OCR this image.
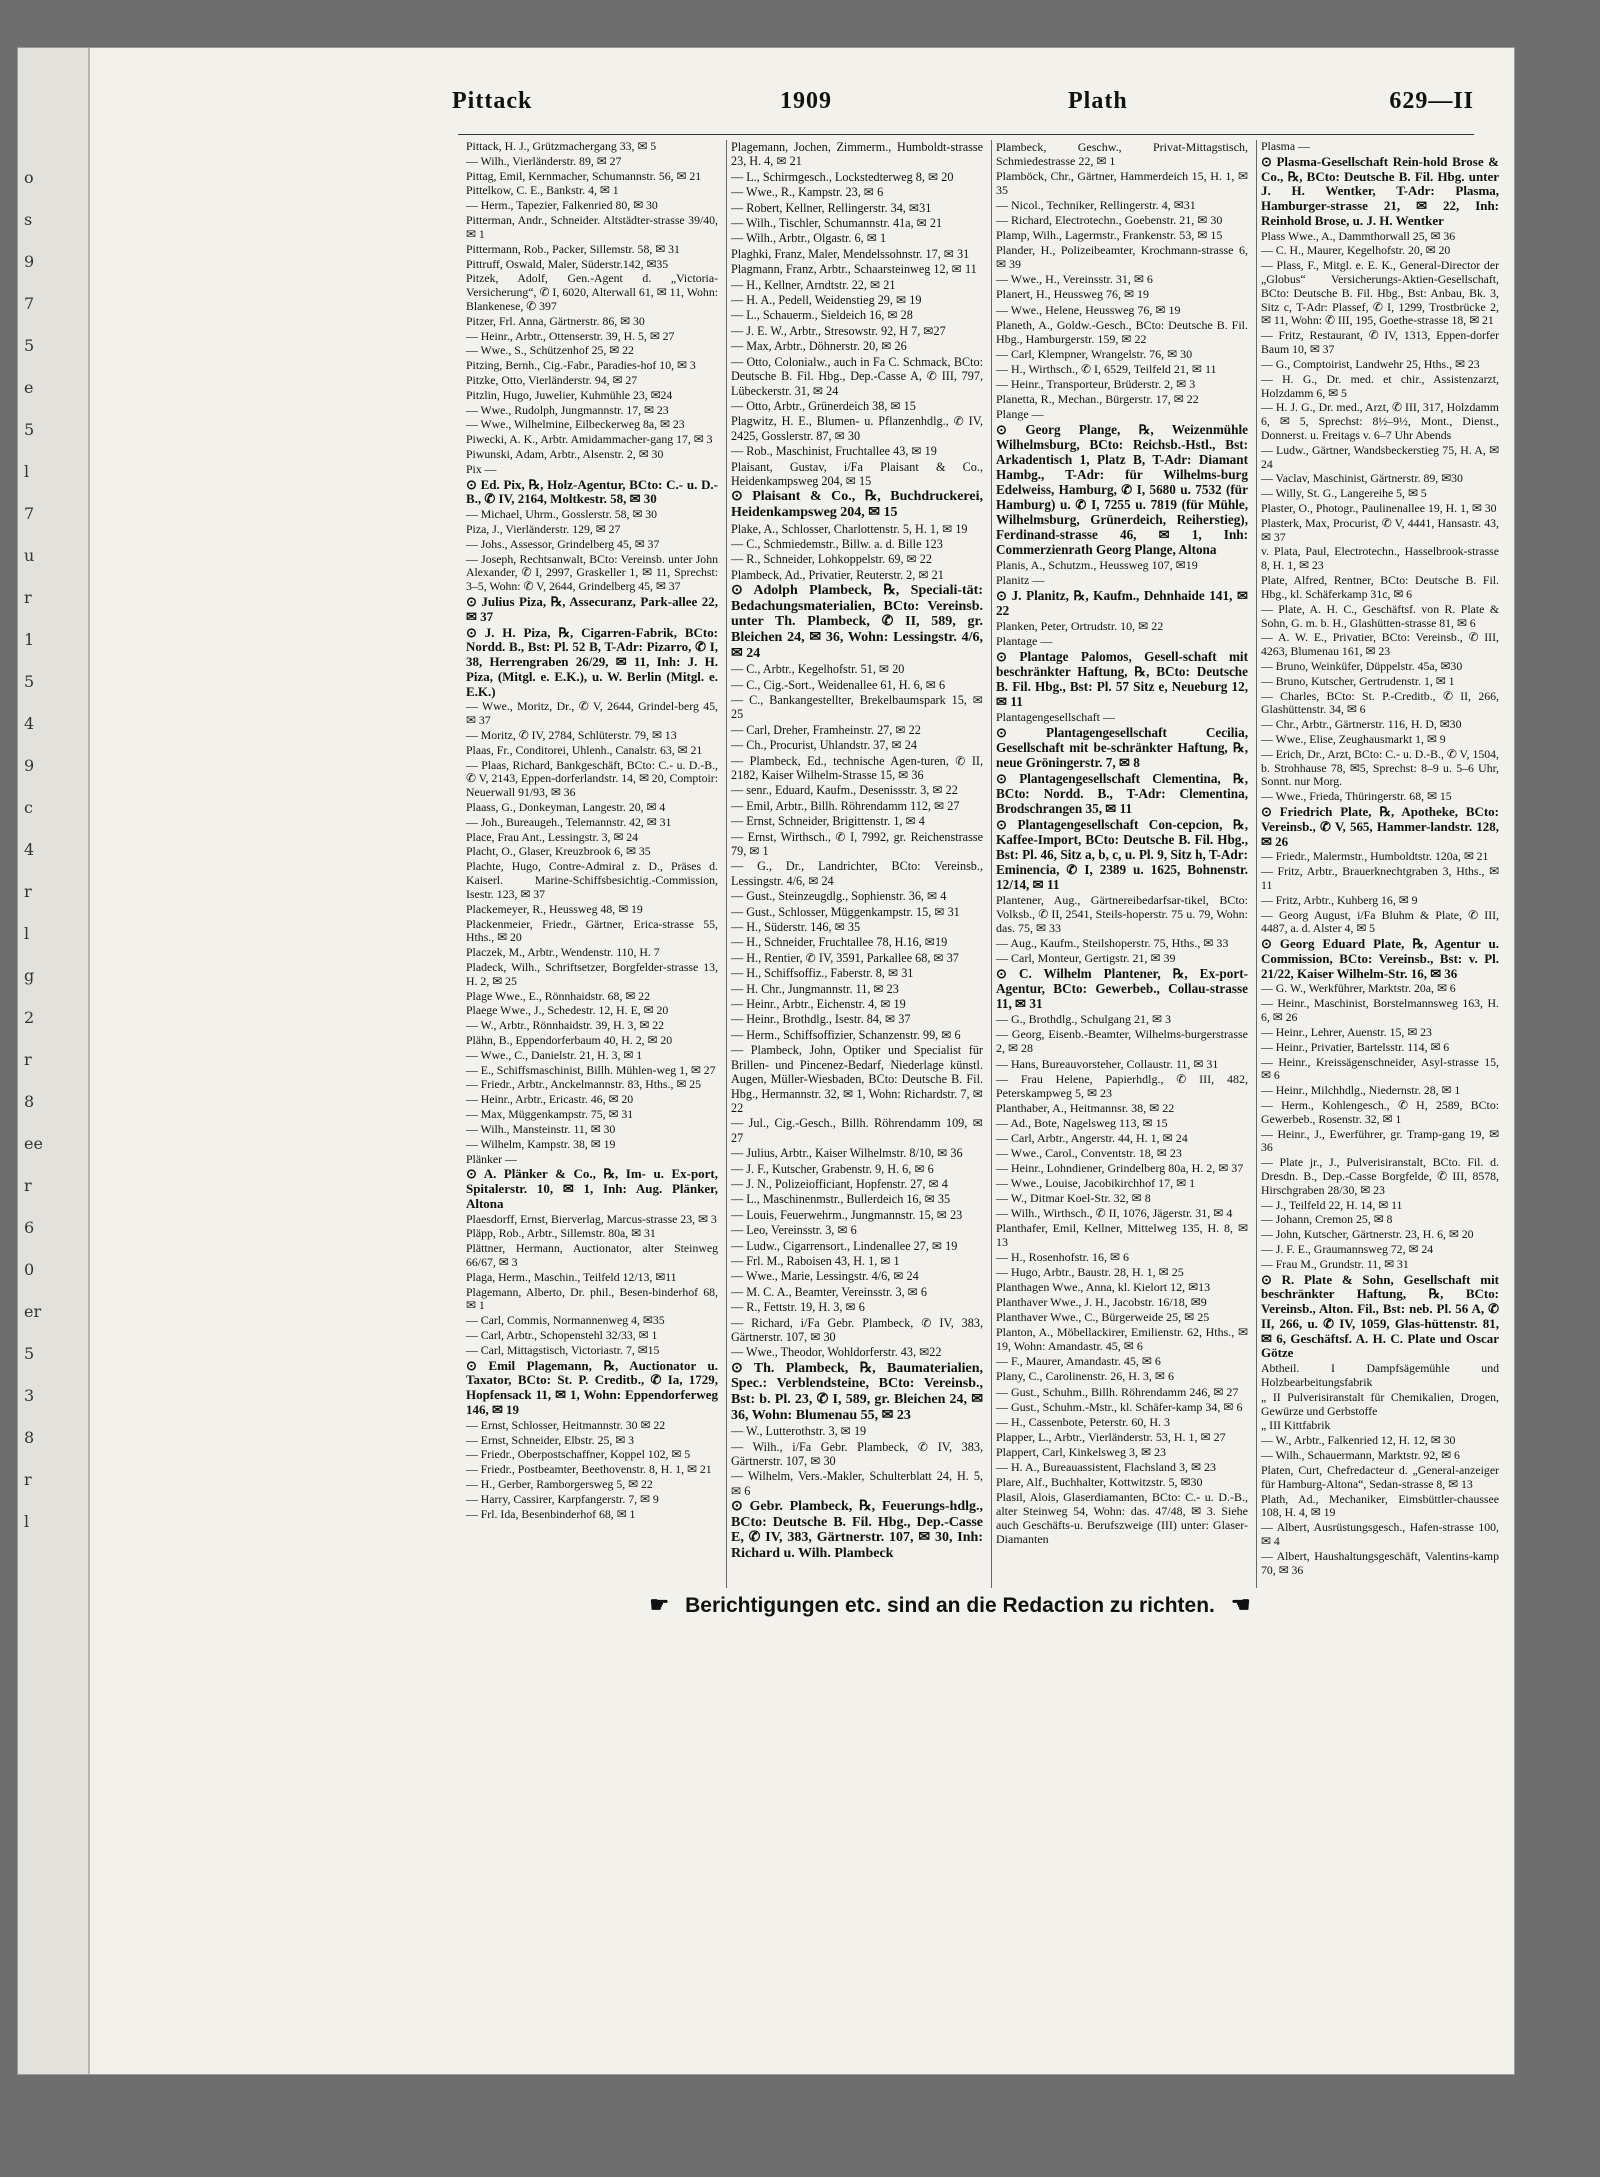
o
s
9
7
5
e
5
l
7
u
r
1
5
4
9
c
4
r
l
g
2
r
8
ee
r
6
0
er
5
3
8
r
l
Pittack	1909	Plath	629—II
Pittack, H. J., Grützmachergang 33, ✉ 5
— Wilh., Vierländerstr. 89, ✉ 27
Pittag, Emil, Kernmacher, Schumannstr. 56, ✉ 21
Pittelkow, C. E., Bankstr. 4, ✉ 1
— Herm., Tapezier, Falkenried 80, ✉ 30
Pitterman, Andr., Schneider. Altstädter-strasse 39/40, ✉ 1
Pittermann, Rob., Packer, Sillemstr. 58, ✉ 31
Pittruff, Oswald, Maler, Süderstr.142, ✉35
Pitzek, Adolf, Gen.-Agent d. „Victoria-Versicherung“, ✆ I, 6020, Alterwall 61, ✉ 11, Wohn: Blankenese, ✆ 397
Pitzer, Frl. Anna, Gärtnerstr. 86, ✉ 30
— Heinr., Arbtr., Ottenserstr. 39, H. 5, ✉ 27
— Wwe., S., Schützenhof 25, ✉ 22
Pitzing, Bernh., Cig.-Fabr., Paradies-hof 10, ✉ 3
Pitzke, Otto, Vierländerstr. 94, ✉ 27
Pitzlin, Hugo, Juwelier, Kuhmühle 23, ✉24
— Wwe., Rudolph, Jungmannstr. 17, ✉ 23
— Wwe., Wilhelmine, Eilbeckerweg 8a, ✉ 23
Piwecki, A. K., Arbtr. Amidammacher-gang 17, ✉ 3
Piwunski, Adam, Arbtr., Alsenstr. 2, ✉ 30
Pix —
⊙ Ed. Pix, ℞, Holz-Agentur, BCto: C.- u. D.-B., ✆ IV, 2164, Moltkestr. 58, ✉ 30
— Michael, Uhrm., Gosslerstr. 58, ✉ 30
Piza, J., Vierländerstr. 129, ✉ 27
— Johs., Assessor, Grindelberg 45, ✉ 37
— Joseph, Rechtsanwalt, BCto: Vereinsb. unter John Alexander, ✆ I, 2997, Graskeller 1, ✉ 11, Sprechst: 3–5, Wohn: ✆ V, 2644, Grindelberg 45, ✉ 37
⊙ Julius Piza, ℞, Assecuranz, Park-allee 22, ✉ 37
⊙ J. H. Piza, ℞, Cigarren-Fabrik, BCto: Nordd. B., Bst: Pl. 52 B, T-Adr: Pizarro, ✆ I, 38, Herrengraben 26/29, ✉ 11, Inh: J. H. Piza, (Mitgl. e. E.K.), u. W. Berlin (Mitgl. e. E.K.)
— Wwe., Moritz, Dr., ✆ V, 2644, Grindel-berg 45, ✉ 37
— Moritz, ✆ IV, 2784, Schlüterstr. 79, ✉ 13
Plaas, Fr., Conditorei, Uhlenh., Canalstr. 63, ✉ 21
— Plaas, Richard, Bankgeschäft, BCto: C.- u. D.-B., ✆ V, 2143, Eppen-dorferlandstr. 14, ✉ 20, Comptoir: Neuerwall 91/93, ✉ 36
Plaass, G., Donkeyman, Langestr. 20, ✉ 4
— Joh., Bureaugeh., Telemannstr. 42, ✉ 31
Place, Frau Ant., Lessingstr. 3, ✉ 24
Placht, O., Glaser, Kreuzbrook 6, ✉ 35
Plachte, Hugo, Contre-Admiral z. D., Präses d. Kaiserl. Marine-Schiffsbesichtig.-Commission, Isestr. 123, ✉ 37
Plackemeyer, R., Heussweg 48, ✉ 19
Plackenmeier, Friedr., Gärtner, Erica-strasse 55, Hths., ✉ 20
Placzek, M., Arbtr., Wendenstr. 110, H. 7
Pladeck, Wilh., Schriftsetzer, Borgfelder-strasse 13, H. 2, ✉ 25
Plage Wwe., E., Rönnhaidstr. 68, ✉ 22
Plaege Wwe., J., Schedestr. 12, H. E, ✉ 20
— W., Arbtr., Rönnhaidstr. 39, H. 3, ✉ 22
Plähn, B., Eppendorferbaum 40, H. 2, ✉ 20
— Wwe., C., Danielstr. 21, H. 3, ✉ 1
— E., Schiffsmaschinist, Billh. Mühlen-weg 1, ✉ 27
— Friedr., Arbtr., Anckelmannstr. 83, Hths., ✉ 25
— Heinr., Arbtr., Ericastr. 46, ✉ 20
— Max, Müggenkampstr. 75, ✉ 31
— Wilh., Mansteinstr. 11, ✉ 30
— Wilhelm, Kampstr. 38, ✉ 19
Plänker —
⊙ A. Plänker & Co., ℞, Im- u. Ex-port, Spitalerstr. 10, ✉ 1, Inh: Aug. Plänker, Altona
Plaesdorff, Ernst, Bierverlag, Marcus-strasse 23, ✉ 3
Pläpp, Rob., Arbtr., Sillemstr. 80a, ✉ 31
Plättner, Hermann, Auctionator, alter Steinweg 66/67, ✉ 3
Plaga, Herm., Maschin., Teilfeld 12/13, ✉11
Plagemann, Alberto, Dr. phil., Besen-binderhof 68, ✉ 1
— Carl, Commis, Normannenweg 4, ✉35
— Carl, Arbtr., Schopenstehl 32/33, ✉ 1
— Carl, Mittagstisch, Victoriastr. 7, ✉15
⊙ Emil Plagemann, ℞, Auctionator u. Taxator, BCto: St. P. Creditb., ✆ Ia, 1729, Hopfensack 11, ✉ 1, Wohn: Eppendorferweg 146, ✉ 19
— Ernst, Schlosser, Heitmannstr. 30 ✉ 22
— Ernst, Schneider, Elbstr. 25, ✉ 3
— Friedr., Oberpostschaffner, Koppel 102, ✉ 5
— Friedr., Postbeamter, Beethovenstr. 8, H. 1, ✉ 21
— H., Gerber, Ramborgersweg 5, ✉ 22
— Harry, Cassirer, Karpfangerstr. 7, ✉ 9
— Frl. Ida, Besenbinderhof 68, ✉ 1
Plagemann, Jochen, Zimmerm., Humboldt-strasse 23, H. 4, ✉ 21
— L., Schirmgesch., Lockstedterweg 8, ✉ 20
— Wwe., R., Kampstr. 23, ✉ 6
— Robert, Kellner, Rellingerstr. 34, ✉31
— Wilh., Tischler, Schumannstr. 41a, ✉ 21
— Wilh., Arbtr., Olgastr. 6, ✉ 1
Plaghki, Franz, Maler, Mendelssohnstr. 17, ✉ 31
Plagmann, Franz, Arbtr., Schaarsteinweg 12, ✉ 11
— H., Kellner, Arndtstr. 22, ✉ 21
— H. A., Pedell, Weidenstieg 29, ✉ 19
— L., Schauerm., Sieldeich 16, ✉ 28
— J. E. W., Arbtr., Stresowstr. 92, H 7, ✉27
— Max, Arbtr., Döhnerstr. 20, ✉ 26
— Otto, Colonialw., auch in Fa C. Schmack, BCto: Deutsche B. Fil. Hbg., Dep.-Casse A, ✆ III, 797, Lübeckerstr. 31, ✉ 24
— Otto, Arbtr., Grünerdeich 38, ✉ 15
Plagwitz, H. E., Blumen- u. Pflanzenhdlg., ✆ IV, 2425, Gosslerstr. 87, ✉ 30
— Rob., Maschinist, Fruchtallee 43, ✉ 19
Plaisant, Gustav, i/Fa Plaisant & Co., Heidenkampsweg 204, ✉ 15
⊙ Plaisant & Co., ℞, Buchdruckerei, Heidenkampsweg 204, ✉ 15
Plake, A., Schlosser, Charlottenstr. 5, H. 1, ✉ 19
— C., Schmiedemstr., Billw. a. d. Bille 123
— R., Schneider, Lohkoppelstr. 69, ✉ 22
Plambeck, Ad., Privatier, Reuterstr. 2, ✉ 21
⊙ Adolph Plambeck, ℞, Speciali-tät: Bedachungsmaterialien, BCto: Vereinsb. unter Th. Plambeck, ✆ II, 589, gr. Bleichen 24, ✉ 36, Wohn: Lessingstr. 4/6, ✉ 24
— C., Arbtr., Kegelhofstr. 51, ✉ 20
— C., Cig.-Sort., Weidenallee 61, H. 6, ✉ 6
— C., Bankangestellter, Brekelbaumspark 15, ✉ 25
— Carl, Dreher, Framheinstr. 27, ✉ 22
— Ch., Procurist, Uhlandstr. 37, ✉ 24
— Plambeck, Ed., technische Agen-turen, ✆ II, 2182, Kaiser Wilhelm-Strasse 15, ✉ 36
— senr., Eduard, Kaufm., Desenissstr. 3, ✉ 22
— Emil, Arbtr., Billh. Röhrendamm 112, ✉ 27
— Ernst, Schneider, Brigittenstr. 1, ✉ 4
— Ernst, Wirthsch., ✆ I, 7992, gr. Reichenstrasse 79, ✉ 1
— G., Dr., Landrichter, BCto: Vereinsb., Lessingstr. 4/6, ✉ 24
— Gust., Steinzeugdlg., Sophienstr. 36, ✉ 4
— Gust., Schlosser, Müggenkampstr. 15, ✉ 31
— H., Süderstr. 146, ✉ 35
— H., Schneider, Fruchtallee 78, H.16, ✉19
— H., Rentier, ✆ IV, 3591, Parkallee 68, ✉ 37
— H., Schiffsoffiz., Faberstr. 8, ✉ 31
— H. Chr., Jungmannstr. 11, ✉ 23
— Heinr., Arbtr., Eichenstr. 4, ✉ 19
— Heinr., Brothdlg., Isestr. 84, ✉ 37
— Herm., Schiffsoffizier, Schanzenstr. 99, ✉ 6
— Plambeck, John, Optiker und Specialist für Brillen- und Pincenez-Bedarf, Niederlage künstl. Augen, Müller-Wiesbaden, BCto: Deutsche B. Fil. Hbg., Hermannstr. 32, ✉ 1, Wohn: Richardstr. 7, ✉ 22
— Jul., Cig.-Gesch., Billh. Röhrendamm 109, ✉ 27
— Julius, Arbtr., Kaiser Wilhelmstr. 8/10, ✉ 36
— J. F., Kutscher, Grabenstr. 9, H. 6, ✉ 6
— J. N., Polizeiofficiant, Hopfenstr. 27, ✉ 4
— L., Maschinenmstr., Bullerdeich 16, ✉ 35
— Louis, Feuerwehrm., Jungmannstr. 15, ✉ 23
— Leo, Vereinsstr. 3, ✉ 6
— Ludw., Cigarrensort., Lindenallee 27, ✉ 19
— Frl. M., Raboisen 43, H. 1, ✉ 1
— Wwe., Marie, Lessingstr. 4/6, ✉ 24
— M. C. A., Beamter, Vereinsstr. 3, ✉ 6
— R., Fettstr. 19, H. 3, ✉ 6
— Richard, i/Fa Gebr. Plambeck, ✆ IV, 383, Gärtnerstr. 107, ✉ 30
— Wwe., Theodor, Wohldorferstr. 43, ✉22
⊙ Th. Plambeck, ℞, Baumaterialien, Spec.: Verblendsteine, BCto: Vereinsb., Bst: b. Pl. 23, ✆ I, 589, gr. Bleichen 24, ✉ 36, Wohn: Blumenau 55, ✉ 23
— W., Lutterothstr. 3, ✉ 19
— Wilh., i/Fa Gebr. Plambeck, ✆ IV, 383, Gärtnerstr. 107, ✉ 30
— Wilhelm, Vers.-Makler, Schulterblatt 24, H. 5, ✉ 6
⊙ Gebr. Plambeck, ℞, Feuerungs-hdlg., BCto: Deutsche B. Fil. Hbg., Dep.-Casse E, ✆ IV, 383, Gärtnerstr. 107, ✉ 30, Inh: Richard u. Wilh. Plambeck
Plambeck, Geschw., Privat-Mittagstisch, Schmiedestrasse 22, ✉ 1
Plamböck, Chr., Gärtner, Hammerdeich 15, H. 1, ✉ 35
— Nicol., Techniker, Rellingerstr. 4, ✉31
— Richard, Electrotechn., Goebenstr. 21, ✉ 30
Plamp, Wilh., Lagermstr., Frankenstr. 53, ✉ 15
Plander, H., Polizeibeamter, Krochmann-strasse 6, ✉ 39
— Wwe., H., Vereinsstr. 31, ✉ 6
Planert, H., Heussweg 76, ✉ 19
— Wwe., Helene, Heussweg 76, ✉ 19
Planeth, A., Goldw.-Gesch., BCto: Deutsche B. Fil. Hbg., Hamburgerstr. 159, ✉ 22
— Carl, Klempner, Wrangelstr. 76, ✉ 30
— H., Wirthsch., ✆ I, 6529, Teilfeld 21, ✉ 11
— Heinr., Transporteur, Brüderstr. 2, ✉ 3
Planetta, R., Mechan., Bürgerstr. 17, ✉ 22
Plange —
⊙ Georg Plange, ℞, Weizenmühle Wilhelmsburg, BCto: Reichsb.-Hstl., Bst: Arkadentisch 1, Platz B, T-Adr: Diamant Hambg., T-Adr: für Wilhelms-burg Edelweiss, Hamburg, ✆ I, 5680 u. 7532 (für Hamburg) u. ✆ I, 7255 u. 7819 (für Mühle, Wilhelmsburg, Grünerdeich, Reiherstieg), Ferdinand-strasse 46, ✉ 1, Inh: Commerzienrath Georg Plange, Altona
Planis, A., Schutzm., Heussweg 107, ✉19
Planitz —
⊙ J. Planitz, ℞, Kaufm., Dehnhaide 141, ✉ 22
Planken, Peter, Ortrudstr. 10, ✉ 22
Plantage —
⊙ Plantage Palomos, Gesell-schaft mit beschränkter Haftung, ℞, BCto: Deutsche B. Fil. Hbg., Bst: Pl. 57 Sitz e, Neueburg 12, ✉ 11
Plantagengesellschaft —
⊙ Plantagengesellschaft Cecilia, Gesellschaft mit be-schränkter Haftung, ℞, neue Gröningerstr. 7, ✉ 8
⊙ Plantagengesellschaft Clementina, ℞, BCto: Nordd. B., T-Adr: Clementina, Brodschrangen 35, ✉ 11
⊙ Plantagengesellschaft Con-cepcion, ℞, Kaffee-Import, BCto: Deutsche B. Fil. Hbg., Bst: Pl. 46, Sitz a, b, c, u. Pl. 9, Sitz h, T-Adr: Eminencia, ✆ I, 2389 u. 1625, Bohnenstr. 12/14, ✉ 11
Plantener, Aug., Gärtnereibedarfsar-tikel, BCto: Volksb., ✆ II, 2541, Steils-hoperstr. 75 u. 79, Wohn: das. 75, ✉ 33
— Aug., Kaufm., Steilshoperstr. 75, Hths., ✉ 33
— Carl, Monteur, Gertigstr. 21, ✉ 39
⊙ C. Wilhelm Plantener, ℞, Ex-port-Agentur, BCto: Gewerbeb., Collau-strasse 11, ✉ 31
— G., Brothdlg., Schulgang 21, ✉ 3
— Georg, Eisenb.-Beamter, Wilhelms-burgerstrasse 2, ✉ 28
— Hans, Bureauvorsteher, Collaustr. 11, ✉ 31
— Frau Helene, Papierhdlg., ✆ III, 482, Peterskampweg 5, ✉ 23
Planthaber, A., Heitmannsr. 38, ✉ 22
— Ad., Bote, Nagelsweg 113, ✉ 15
— Carl, Arbtr., Angerstr. 44, H. 1, ✉ 24
— Wwe., Carol., Conventstr. 18, ✉ 23
— Heinr., Lohndiener, Grindelberg 80a, H. 2, ✉ 37
— Wwe., Louise, Jacobikirchhof 17, ✉ 1
— W., Ditmar Koel-Str. 32, ✉ 8
— Wilh., Wirthsch., ✆ II, 1076, Jägerstr. 31, ✉ 4
Planthafer, Emil, Kellner, Mittelweg 135, H. 8, ✉ 13
— H., Rosenhofstr. 16, ✉ 6
— Hugo, Arbtr., Baustr. 28, H. 1, ✉ 25
Planthagen Wwe., Anna, kl. Kielort 12, ✉13
Planthaver Wwe., J. H., Jacobstr. 16/18, ✉9
Planthaver Wwe., C., Bürgerweide 25, ✉ 25
Planton, A., Möbellackirer, Emilienstr. 62, Hths., ✉ 19, Wohn: Amandastr. 45, ✉ 6
— F., Maurer, Amandastr. 45, ✉ 6
Plany, C., Carolinenstr. 26, H. 3, ✉ 6
— Gust., Schuhm., Billh. Röhrendamm 246, ✉ 27
— Gust., Schuhm.-Mstr., kl. Schäfer-kamp 34, ✉ 6
— H., Cassenbote, Peterstr. 60, H. 3
Plapper, L., Arbtr., Vierländerstr. 53, H. 1, ✉ 27
Plappert, Carl, Kinkelsweg 3, ✉ 23
— H. A., Bureauassistent, Flachsland 3, ✉ 23
Plare, Alf., Buchhalter, Kottwitzstr. 5, ✉30
Plasil, Alois, Glaserdiamanten, BCto: C.- u. D.-B., alter Steinweg 54, Wohn: das. 47/48, ✉ 3. Siehe auch Geschäfts-u. Berufszweige (III) unter: Glaser-Diamanten
☛ Berichtigungen etc. sind an die Redaction zu richten. ☚
Plasma —
⊙ Plasma-Gesellschaft Rein-hold Brose & Co., ℞, BCto: Deutsche B. Fil. Hbg. unter J. H. Wentker, T-Adr: Plasma, Hamburger-strasse 21, ✉ 22, Inh: Reinhold Brose, u. J. H. Wentker
Plass Wwe., A., Dammthorwall 25, ✉ 36
— C. H., Maurer, Kegelhofstr. 20, ✉ 20
— Plass, F., Mitgl. e. E. K., General-Director der „Globus“ Versicherungs-Aktien-Gesellschaft, BCto: Deutsche B. Fil. Hbg., Bst: Anbau, Bk. 3, Sitz c, T-Adr: Plassef, ✆ I, 1299, Trostbrücke 2, ✉ 11, Wohn: ✆ III, 195, Goethe-strasse 18, ✉ 21
— Fritz, Restaurant, ✆ IV, 1313, Eppen-dorfer Baum 10, ✉ 37
— G., Comptoirist, Landwehr 25, Hths., ✉ 23
— H. G., Dr. med. et chir., Assistenzarzt, Holzdamm 6, ✉ 5
— H. J. G., Dr. med., Arzt, ✆ III, 317, Holzdamm 6, ✉ 5, Sprechst: 8½–9½, Mont., Dienst., Donnerst. u. Freitags v. 6–7 Uhr Abends
— Ludw., Gärtner, Wandsbeckerstieg 75, H. A, ✉ 24
— Vaclav, Maschinist, Gärtnerstr. 89, ✉30
— Willy, St. G., Langereihe 5, ✉ 5
Plaster, O., Photogr., Paulinenallee 19, H. 1, ✉ 30
Plasterk, Max, Procurist, ✆ V, 4441, Hansastr. 43, ✉ 37
v. Plata, Paul, Electrotechn., Hasselbrook-strasse 8, H. 1, ✉ 23
Plate, Alfred, Rentner, BCto: Deutsche B. Fil. Hbg., kl. Schäferkamp 31c, ✉ 6
— Plate, A. H. C., Geschäftsf. von R. Plate & Sohn, G. m. b. H., Glashütten-strasse 81, ✉ 6
— A. W. E., Privatier, BCto: Vereinsb., ✆ III, 4263, Blumenau 161, ✉ 23
— Bruno, Weinküfer, Düppelstr. 45a, ✉30
— Bruno, Kutscher, Gertrudenstr. 1, ✉ 1
— Charles, BCto: St. P.-Creditb., ✆ II, 266, Glashüttenstr. 34, ✉ 6
— Chr., Arbtr., Gärtnerstr. 116, H. D, ✉30
— Wwe., Elise, Zeughausmarkt 1, ✉ 9
— Erich, Dr., Arzt, BCto: C.- u. D.-B., ✆ V, 1504, b. Strohhause 78, ✉5, Sprechst: 8–9 u. 5–6 Uhr, Sonnt. nur Morg.
— Wwe., Frieda, Thüringerstr. 68, ✉ 15
⊙ Friedrich Plate, ℞, Apotheke, BCto: Vereinsb., ✆ V, 565, Hammer-landstr. 128, ✉ 26
— Friedr., Malermstr., Humboldtstr. 120a, ✉ 21
— Fritz, Arbtr., Brauerknechtgraben 3, Hths., ✉ 11
— Fritz, Arbtr., Kuhberg 16, ✉ 9
— Georg August, i/Fa Bluhm & Plate, ✆ III, 4487, a. d. Alster 4, ✉ 5
⊙ Georg Eduard Plate, ℞, Agentur u. Commission, BCto: Vereinsb., Bst: v. Pl. 21/22, Kaiser Wilhelm-Str. 16, ✉ 36
— G. W., Werkführer, Marktstr. 20a, ✉ 6
— Heinr., Maschinist, Borstelmannsweg 163, H. 6, ✉ 26
— Heinr., Lehrer, Auenstr. 15, ✉ 23
— Heinr., Privatier, Bartelsstr. 114, ✉ 6
— Heinr., Kreissägenschneider, Asyl-strasse 15, ✉ 6
— Heinr., Milchhdlg., Niedernstr. 28, ✉ 1
— Herm., Kohlengesch., ✆ H, 2589, BCto: Gewerbeb., Rosenstr. 32, ✉ 1
— Heinr., J., Ewerführer, gr. Tramp-gang 19, ✉ 36
— Plate jr., J., Pulverisiranstalt, BCto. Fil. d. Dresdn. B., Dep.-Casse Borgfelde, ✆ III, 8578, Hirschgraben 28/30, ✉ 23
— J., Teilfeld 22, H. 14, ✉ 11
— Johann, Cremon 25, ✉ 8
— John, Kutscher, Gärtnerstr. 23, H. 6, ✉ 20
— J. F. E., Graumannsweg 72, ✉ 24
— Frau M., Grundstr. 11, ✉ 31
⊙ R. Plate & Sohn, Gesellschaft mit beschränkter Haftung, ℞, BCto: Vereinsb., Alton. Fil., Bst: neb. Pl. 56 A, ✆ II, 266, u. ✆ IV, 1059, Glas-hüttenstr. 81, ✉ 6, Geschäftsf. A. H. C. Plate und Oscar Götze
Abtheil. I Dampfsägemühle und Holzbearbeitungsfabrik
„ II Pulverisiranstalt für Chemikalien, Drogen, Gewürze und Gerbstoffe
„ III Kittfabrik
— W., Arbtr., Falkenried 12, H. 12, ✉ 30
— Wilh., Schauermann, Marktstr. 92, ✉ 6
Platen, Curt, Chefredacteur d. „General-anzeiger für Hamburg-Altona“, Sedan-strasse 8, ✉ 13
Plath, Ad., Mechaniker, Eimsbüttler-chaussee 108, H. 4, ✉ 19
— Albert, Ausrüstungsgesch., Hafen-strasse 100, ✉ 4
— Albert, Haushaltungsgeschäft, Valentins-kamp 70, ✉ 36
